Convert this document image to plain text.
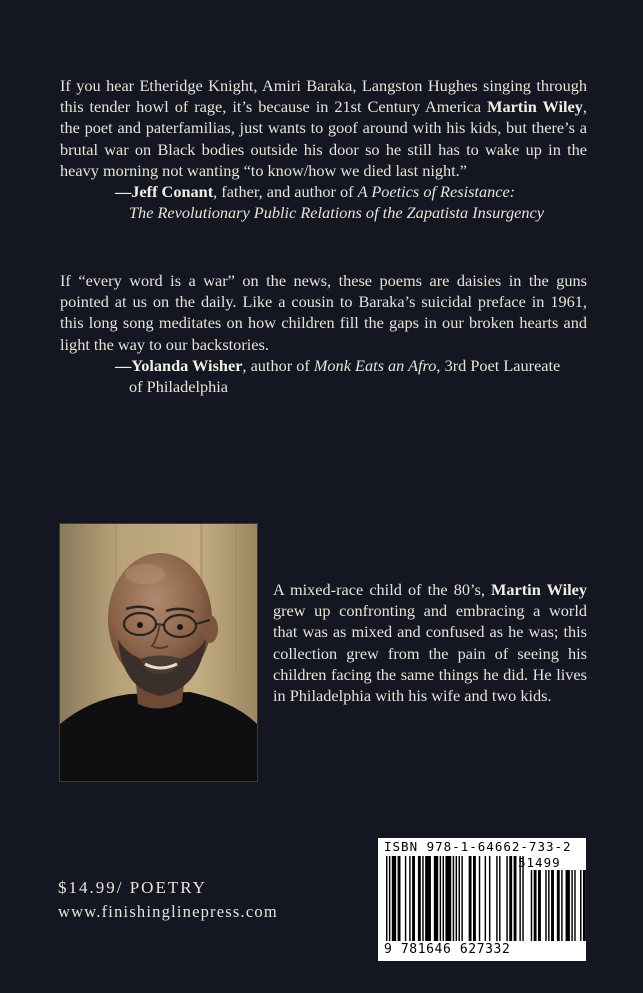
If you hear Etheridge Knight, Amiri Baraka, Langston Hughes singing through this tender howl of rage, it’s because in 21st Century America Martin Wiley, the poet and paterfamilias, just wants to goof around with his kids, but there’s a brutal war on Black bodies outside his door so he still has to wake up in the heavy morning not wanting “to know/how we died last night.”

—Jeff Conant, father, and author of A Poetics of Resistance:
The Revolutionary Public Relations of the Zapatista Insurgency

If “every word is a war” on the news, these poems are daisies in the guns pointed at us on the daily. Like a cousin to Baraka’s suicidal preface in 1961, this long song meditates on how children fill the gaps in our broken hearts and light the way to our backstories.

—Yolanda Wisher, author of Monk Eats an Afro, 3rd Poet Laureate
of Philadelphia
A mixed-race child of the 80’s, Martin Wiley grew up confronting and embracing a world that was as mixed and confused as he was; this collection grew from the pain of seeing his children facing the same things he did. He lives in Philadelphia with his wife and two kids.
$14.99/ POETRY
www.finishinglinepress.com
ISBN 978-1-64662-733-2
51499
9 781646 627332
